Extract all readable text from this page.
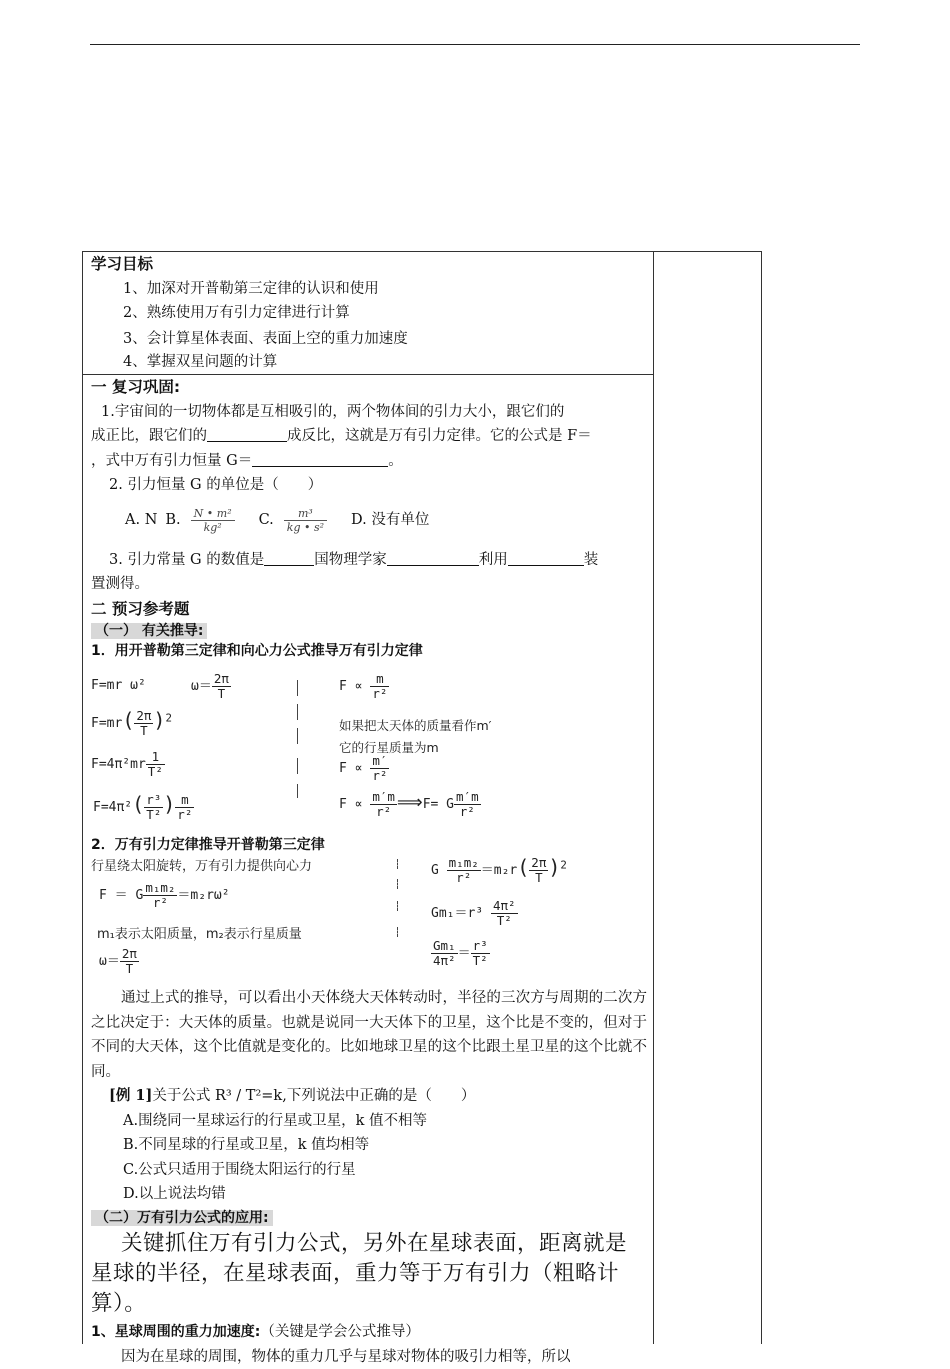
学习目标
1、加深对开普勒第三定律的认识和使用
2、熟练使用万有引力定律进行计算
3、会计算星体表面、表面上空的重力加速度
4、掌握双星问题的计算
一 复习巩固:
1.宇宙间的一切物体都是互相吸引的，两个物体间的引力大小，跟它们的
成正比，跟它们的	成反比，这就是万有引力定律。它的公式是 F＝
，式中万有引力恒量 G＝	。
2. 引力恒量 G 的单位是（　　）
A. N B. $\frac{\text{N • m²}}{\text{kg²}} C$. $\frac{\text{m³}}{\text{kg • s²}} D$. 没有单位
3. 引力常量 G 的数值是	国物理学家	利用	装
置测得。
二 预习参考题
（一） 有关推导:
1．用开普勒第三定律和向心力公式推导万有引力定律
F=mr ω²	$\omega= \frac{2\pi}{T}$
$F=mr( \frac{2\pi}{T} )^2$
$F=4\pi^2mr \frac{1}{\text{T²}}$
$F=4\pi^2( \frac{\text{r³}}{\text{T²}}$ ) $\frac{m}{\text{r²}}$
$F \propto \frac{m}{\text{r²}}$
如果把太天体的质量看作m′
它的行星质量为m
$F \propto \frac{m'}{\text{r²}}$
$F \propto \frac{m'm}{\text{r²}}$ ⟹F= G $\frac{m'm}{\text{r²}}$
2．万有引力定律推导开普勒第三定律
行星绕太阳旋转，万有引力提供向心力
F ＝ G $\frac{\text{m₁m₂}}{\text{r²}} =m_2r\omega^2$
m₁表示太阳质量，m₂表示行星质量
$\omega= \frac{2\pi}{T}$
G $\frac{\text{m₁m₂}}{\text{r²}} =m_2r( \frac{2\pi}{T} )^2$
$Gm_1=r^3 \frac{\text{4π²}}{\text{T²}}$
$\frac{\text{Gm₁}}{\text{4π²}} = \frac{\text{r³}}{\text{T²}}$
通过上式的推导，可以看出小天体绕大天体转动时，半径的三次方与周期的二次方之比决定于：大天体的质量。也就是说同一大天体下的卫星，这个比是不变的，但对于不同的大天体，这个比值就是变化的。比如地球卫星的这个比跟土星卫星的这个比就不同。
[例 1]关于公式 R³ / T²=k,下列说法中正确的是（　　）
A.围绕同一星球运行的行星或卫星，k 值不相等
B.不同星球的行星或卫星，k 值均相等
C.公式只适用于围绕太阳运行的行星
D.以上说法均错
（二）万有引力公式的应用:
关键抓住万有引力公式，另外在星球表面，距离就是星球的半径，在星球表面，重力等于万有引力（粗略计算）。
1、星球周围的重力加速度:（关键是学会公式推导）
因为在星球的周围，物体的重力几乎与星球对物体的吸引力相等，所以
